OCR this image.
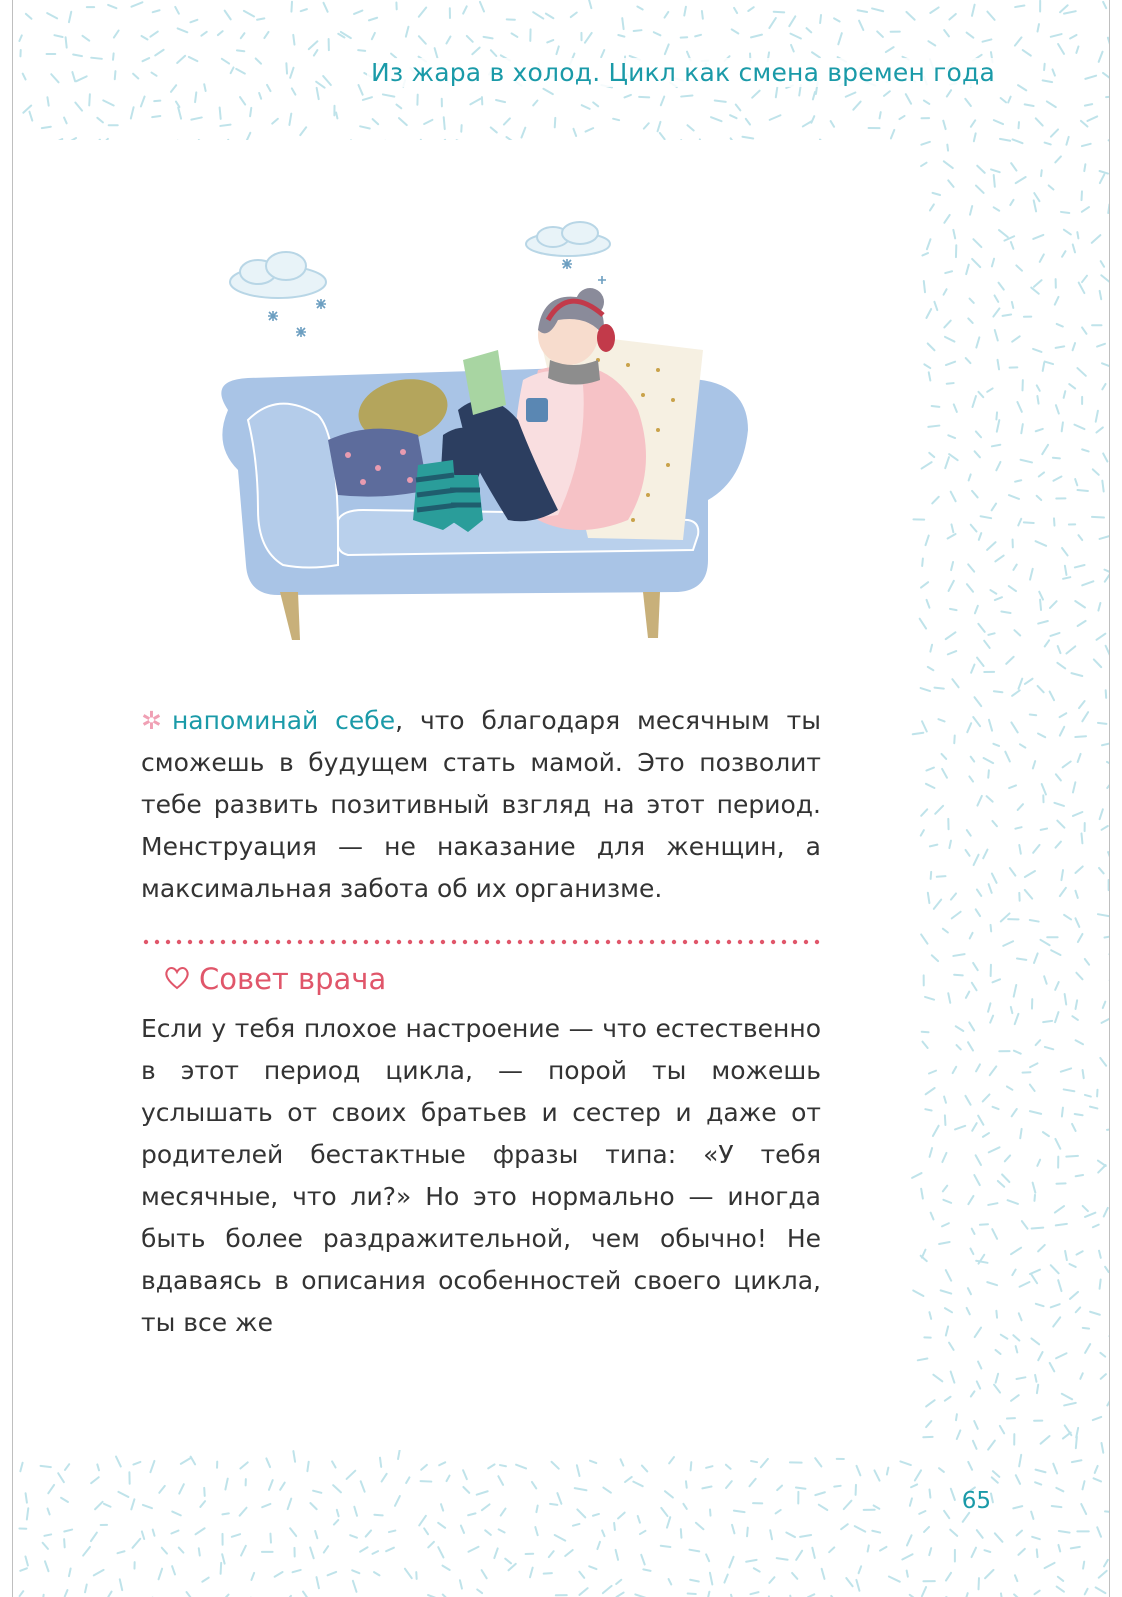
Из жара в холод. Цикл как смена времен года
✲ напоминай себе, что благодаря месячным ты сможешь в будущем стать мамой. Это позволит тебе развить позитивный взгляд на этот период. Менструация — не наказание для женщин, а максимальная забота об их организме.
Совет врача
Если у тебя плохое настроение — что естественно в этот период цикла, — порой ты можешь услышать от своих братьев и сестер и даже от родителей бестактные фразы типа: «У тебя месячные, что ли?» Но это нормально — иногда быть более раздражительной, чем обычно! Не вдаваясь в описания особенностей своего цикла, ты все же
65
